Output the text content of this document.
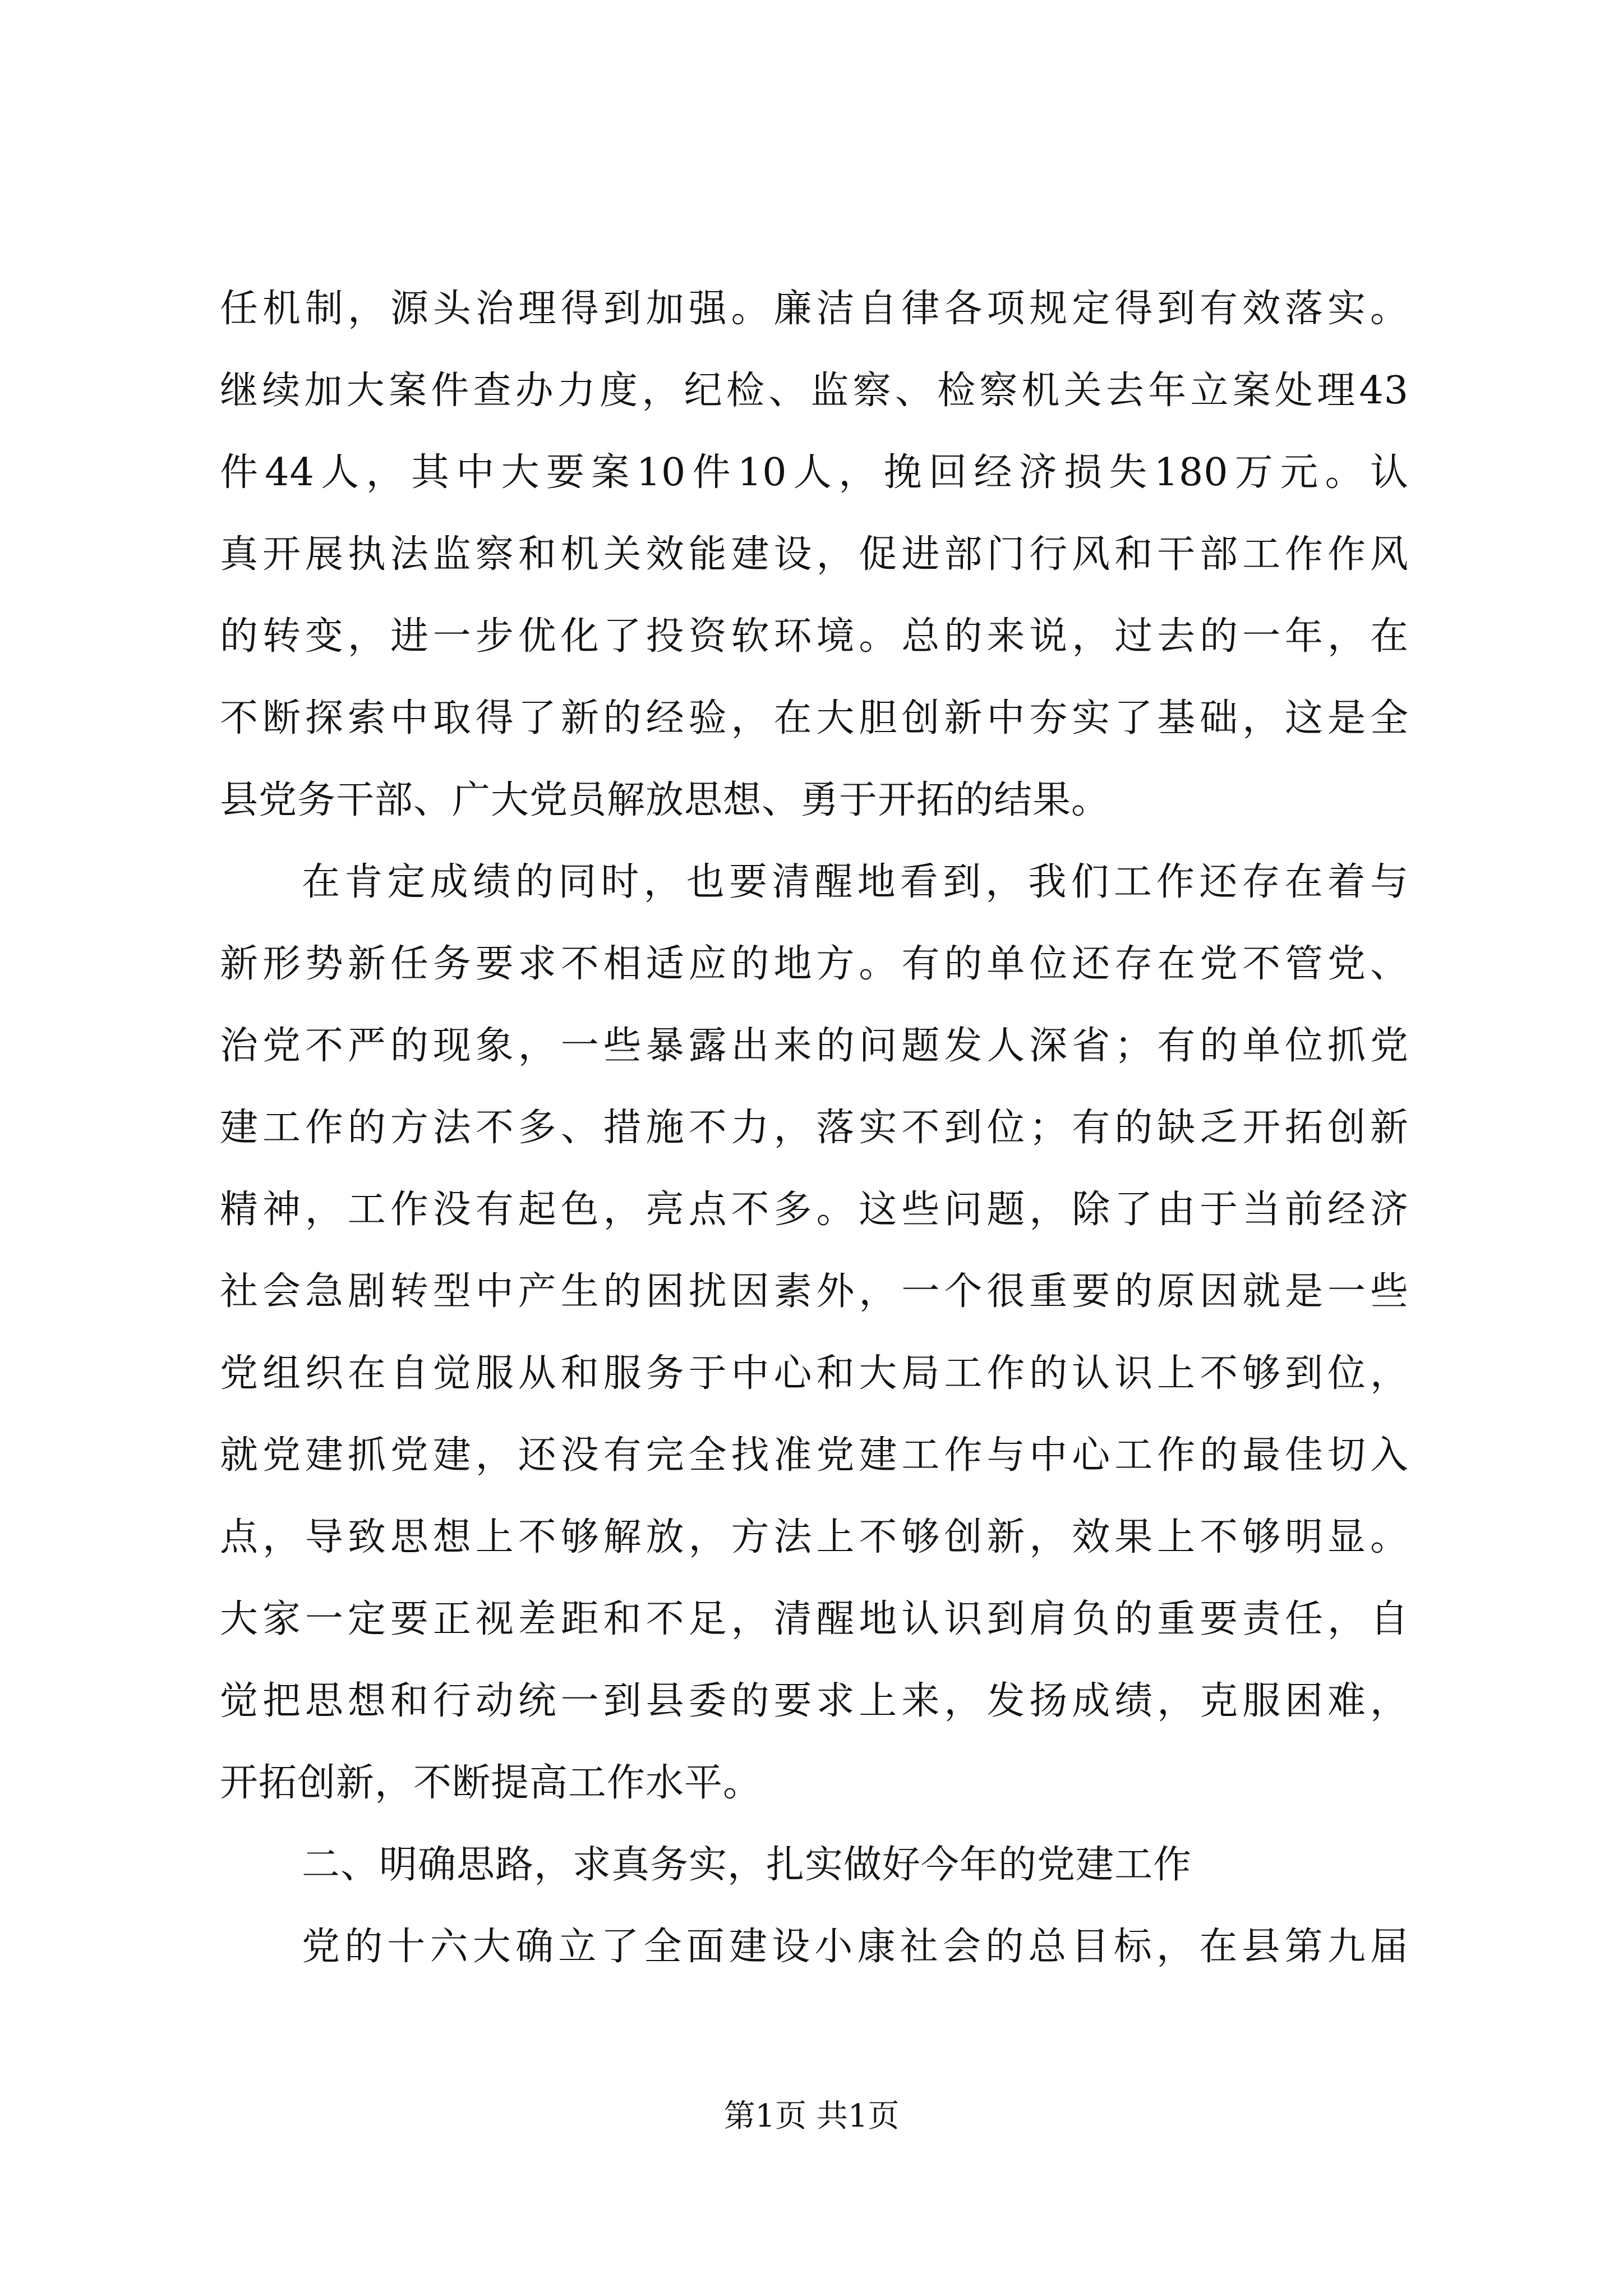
任机制，源头治理得到加强。廉洁自律各项规定得到有效落实。
继续加大案件查办力度，纪检、监察、检察机关去年立案处理43
件44人，其中大要案10件10人，挽回经济损失180万元。认
真开展执法监察和机关效能建设，促进部门行风和干部工作作风
的转变，进一步优化了投资软环境。总的来说，过去的一年，在
不断探索中取得了新的经验，在大胆创新中夯实了基础，这是全
县党务干部、广大党员解放思想、勇于开拓的结果。
在肯定成绩的同时，也要清醒地看到，我们工作还存在着与
新形势新任务要求不相适应的地方。有的单位还存在党不管党、
治党不严的现象，一些暴露出来的问题发人深省；有的单位抓党
建工作的方法不多、措施不力，落实不到位；有的缺乏开拓创新
精神，工作没有起色，亮点不多。这些问题，除了由于当前经济
社会急剧转型中产生的困扰因素外，一个很重要的原因就是一些
党组织在自觉服从和服务于中心和大局工作的认识上不够到位，
就党建抓党建，还没有完全找准党建工作与中心工作的最佳切入
点，导致思想上不够解放，方法上不够创新，效果上不够明显。
大家一定要正视差距和不足，清醒地认识到肩负的重要责任，自
觉把思想和行动统一到县委的要求上来，发扬成绩，克服困难，
开拓创新，不断提高工作水平。
二、明确思路，求真务实，扎实做好今年的党建工作
党的十六大确立了全面建设小康社会的总目标，在县第九届
第1页 共1页
